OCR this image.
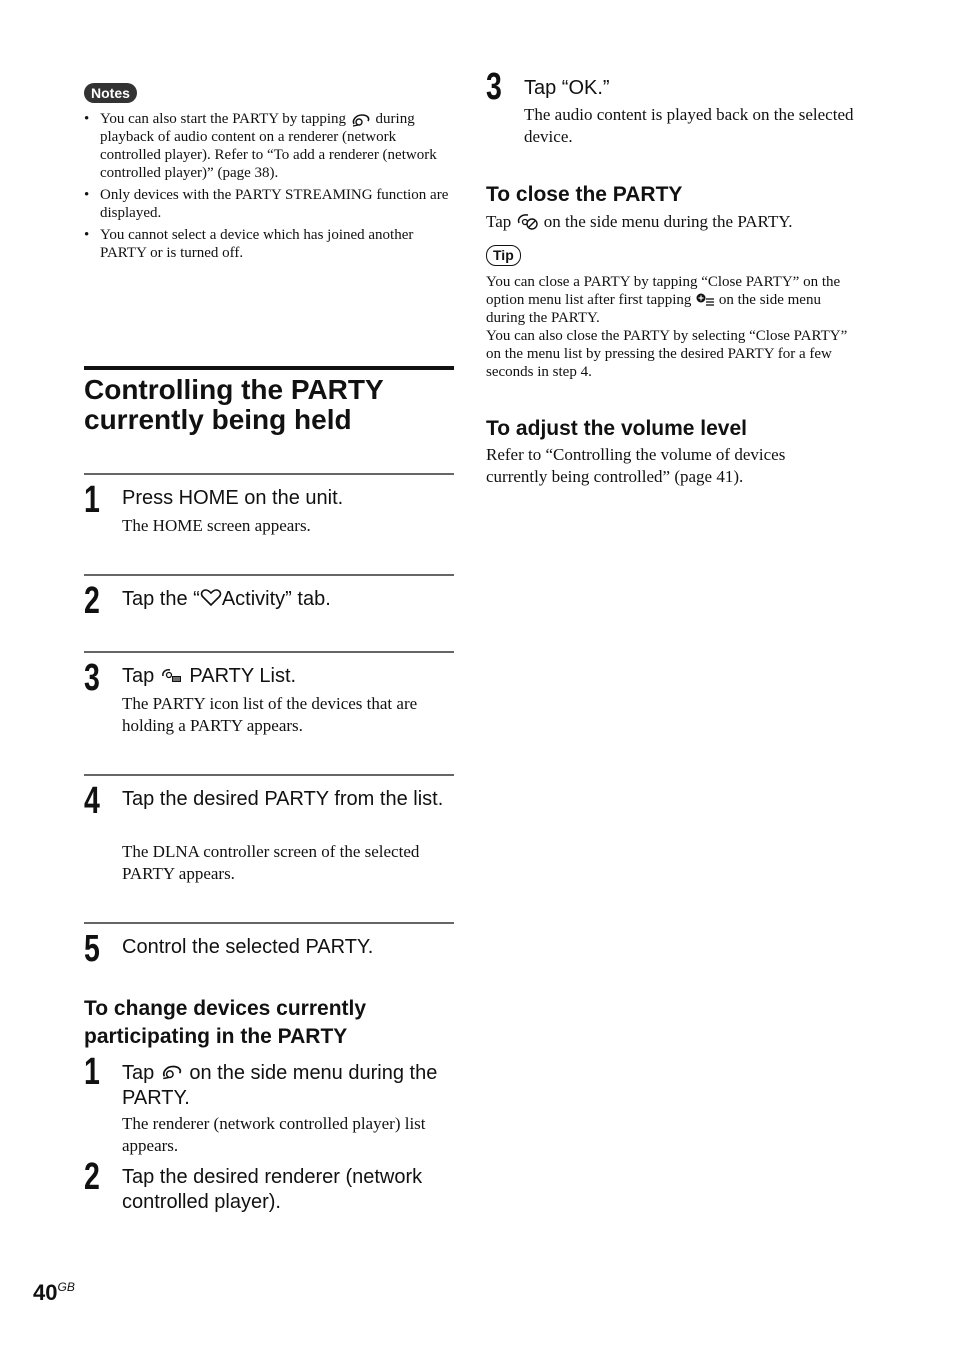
Notes
• You can also start the PARTY by tapping  during playback of audio content on a renderer (network controlled player). Refer to “To add a renderer (network controlled player)” (page 38).
• Only devices with the PARTY STREAMING function are displayed.
• You cannot select a device which has joined another PARTY or is turned off.
Controlling the PARTY
currently being held
1 Press HOME on the unit.
The HOME screen appears.
2 Tap the “ Activity” tab.
3 Tap  PARTY List.
The PARTY icon list of the devices that are holding a PARTY appears.
4 Tap the desired PARTY from the list.
The DLNA controller screen of the selected PARTY appears.
5 Control the selected PARTY.
To change devices currently participating in the PARTY
1 Tap  on the side menu during the PARTY.
The renderer (network controlled player) list appears.
2 Tap the desired renderer (network controlled player).
3 Tap “OK.”
The audio content is played back on the selected device.
To close the PARTY
Tap  on the side menu during the PARTY.
Tip
You can close a PARTY by tapping “Close PARTY” on the option menu list after first tapping  on the side menu during the PARTY.
You can also close the PARTY by selecting “Close PARTY” on the menu list by pressing the desired PARTY for a few seconds in step 4.
To adjust the volume level
Refer to “Controlling the volume of devices currently being controlled” (page 41).
$40^{GB}$
